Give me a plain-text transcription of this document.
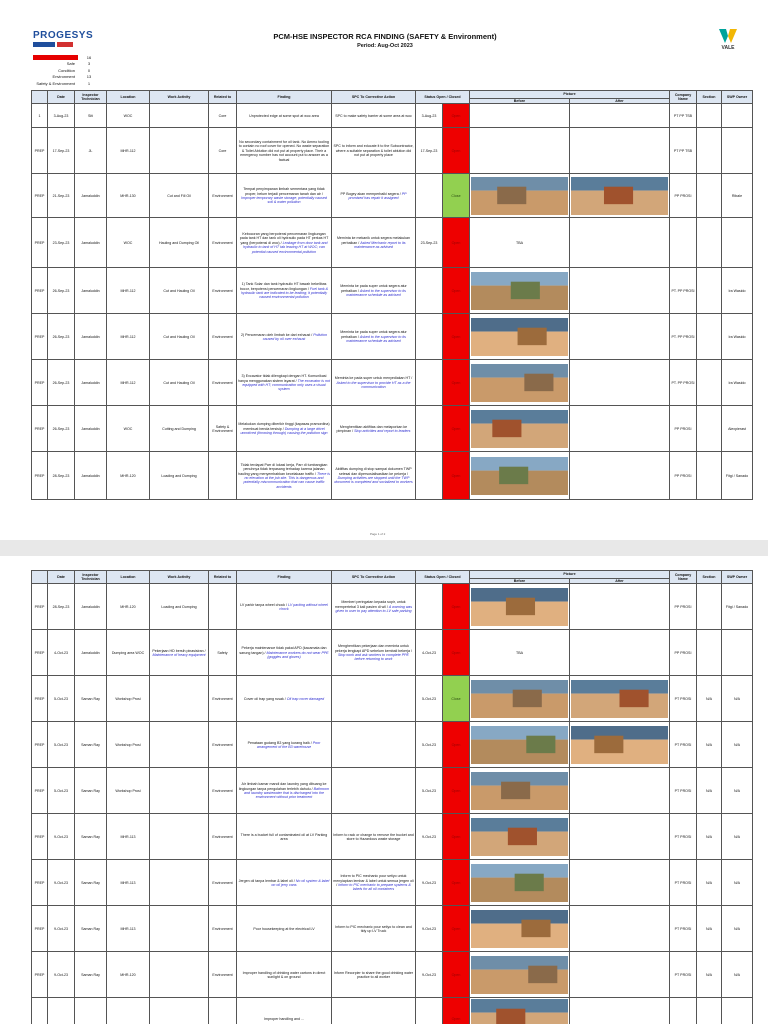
PROGESYS	PCM-HSE INSPECTOR RCA FINDING (SAFETY & Environment)
Period: Aug-Oct 2023	VALE
Total Finding	16
Safe	3
Condition	0
Environment	13
Safety & Environment	1
	Date	Inspector Technician	Location	Work Activity	Related to	Finding	SPC To Corrective Action	Status Open / Closed		Picture		Company Name	Section	SWP Owner
										Before	After			
1	3-Aug-23	Siti	WOC		Core	Unprotected edge at some spot at woc area	SPC to make safety barrier at some area at woc	3-Aug-23	Open			PT PP TSB		
PREP	17-Sep-23	JL	MHR-112		Core	No secondary containment for oil tank. No Ammo tooling to contain no roof cover for opened. No waste separation & Toilet Ablution did not put at property place. Their a emergency number has not account put to answer as a factual	SPC to inform and educate it to the Subcontractor, where a suitable separation & toilet ablution did not put at property place	17-Sep-23	Open			PT PP TSB		
PREP	21-Sep-23	Jamaluddin	MHR-130	Cut and Fill Oil	Environment	Tempat penyimpanan limbah sementara yang tidak proper, belum terjadi pencemaran tanah dan air / Improper temporary waste storage; potentially caused soil & water pollution	PP Bogey akan memperbaiki segera / PP promised has repair it assigned		Close			PP PROSI		Ribale
PREP	23-Sep-23	Jamaluddin	WOC	Hauling and Dumping Oil	Environment	Kebocoran yang berpotensi pencemaran lingkungan pada tank HT dan tank oli hydraulic pada HT perkas HT yang (berpotensi di woc) / Leakage from door tank and hydraulic to tank of HT tab leaving HT at WOC; can potential caused environmental pollution	Meminta ke mekanik untuk segera melakukan perbaikan / Asked Mechanic report to its maintenance as advised	23-Sep-23	Open	TBA				
PREP	26-Sep-23	Jamaluddin	MHR-112	Cut and Hauling Oil	Environment	1) Tank Solar dan tank hydraulic HT bawah bekelibas bocor, berpotensi pencemaran lingkungan / Fuel tank & hydraulic tank are indicated to be leaking; it potentially caused environmental pollution	Meminta ke pada super untuk segera atur perbaikan / Asked to the supervisor to its maintenance schedule as advised		Open			PT. PP PROSI		Ira Wasido
PREP	26-Sep-23	Jamaluddin	MHR-112	Cut and Hauling Oil	Environment	2) Pencemaran oleh limbah ke dari exhaust / Pollution caused by oil over exhaust	Meminta ke pada super untuk segera atur perbaikan / Asked to the supervisor to its maintenance schedule as advised		Open			PT. PP PROSI		Ira Wasido
PREP	26-Sep-23	Jamaluddin	MHR-112	Cut and Hauling Oil	Environment	3) Excavator tidak dilengkapi dengan HT. Komunikasi hanya menggunakan sistem isyarat / The excavator is not equipped with HT; communication only uses a visual system	Meminta ke pada super untuk menyediakan HT / Asked to the supervisor to provide HT as a the communication		Open			PT. PP PROSI		Ira Wasido
PREP	26-Sep-23	Jamaluddin	WOC	Cutting and Dumping	Safety & Environment	Melakukan dumping diberikir tinggi (kapasas pramordina) membuat benda tersisip / Dumping at a large drivel unnoticed (throwing through) causing the pollution sign	Menghentikan aktifitas dan melaporkan ke pimpinan / Stop activities and report to leaders		Open			PP PROSI		Alexpierast
PREP	28-Sep-23	Jamaluddin	MHR-120	Loading and Dumping		Tidak terdapat Parr di lokasi kerja, Parr di tumbangkan penuhnya tidak terpasang terhadap karena jalanan hauling yang menyembabkan kecelakaan traffic / There is no elevation at the job site. This is dangerous and potentially miscommunication that can cause traffic accidents	Aktifitas dumping di stop sampai dokumen TWP selesai dan dipersosialisasikan ke pekerja / Dumping activities are stopped until the TWP document is completed and socialized to workers		Open			PP PROSI		Fitgi / Sanado
Page 1 of 2
	Date	Inspector Technician	Location	Work Activity	Related to	Finding	SPC To Corrective Action	Status Open / Closed		Picture		Company Name	Section	SWP Owner
										Before	After			
PREP	28-Sep-23	Jamaluddin	MHR-120	Loading and Dumping		LV parkir tanpa wheel chock / LV parking without wheel chock	Memberi peringatan kepada sopir, untuk mempertebal 3 kali pasien di wil / A warning was given to user to pay attention to LV safe parking		Open			PP PROSI		Fitgi / Sanado
PREP	4-Oct-23	Jamaluddin	Dumping area WOC	Pekerjaan HD bersih pinasisiran / Maintenance of heavy equipment	Safety	Pekerja maintenance tidak pakai APD (kacamata dan sarung tangan) / Maintenance workers do not wear PPE (goggles and gloves)	Menghentikan pekerjaan dan meminta untuk pekerja lengkapi APD sebelum kembali bekerja / Stop work and ask workers to complete PPE before returning to work	4-Oct-23	Open	TBA		PP PROSI		
PREP	5-Oct-23	Saman Ray	Workshop Prosi		Environment	Cover oil trap yang rusak / Oil trap cover damaged		5-Oct-23	Close			PT PROSI	N/A	N/A
PREP	5-Oct-23	Saman Ray	Workshop Prosi		Environment	Penataan gudang B3 yang kurang baik / Poor arrangement of the B3 warehouse		5-Oct-23	Open			PT PROSI	N/A	N/A
PREP	5-Oct-23	Saman Ray	Workshop Prosi		Environment	Air limbah kamar mandi dan laundry yang dibuang ke lingkungan tanpa pengolahan terlebih dahulu / Bathroom and laundry wastewater that is discharged into the environment without prior treatment		5-Oct-23	Open			PT PROSI	N/A	N/A
PREP	9-Oct-23	Saman Ray	MHR-113		Environment	There is a bucket full of contaminated oil at LV Parking area	Inform to rack or change to remove the bucket and store to Hazardous waste storage	9-Oct-23	Open			PT PROSI	N/A	N/A
PREP	9-Oct-23	Saman Ray	MHR-113		Environment	Jergen oli tanpa lembar & label oli / No oil system & label on oil jerry cans	Inform to PIC mechanic pour setiyo untuk menyiapkan lembar & label untuk semua jergen oli / Inform to PIC mechanic to prepare systems & labels for all oil containers	9-Oct-23	Open			PT PROSI	N/A	N/A
PREP	9-Oct-23	Saman Ray	MHR-113		Environment	Poor housekeeping at the electrical LV	Inform to PIC mechanic pour setiyo to clean and tidy up LV Truck	9-Oct-23	Open			PT PROSI	N/A	N/A
PREP	9-Oct-23	Saman Ray	MHR-120		Environment	Improper handling of drinking water cartons in direct sunlight & on ground	Inform Recorpier to share the good drinking water practice to all worker	9-Oct-23	Open			PT PROSI	N/A	N/A
						Improper handling and ...			Open	
